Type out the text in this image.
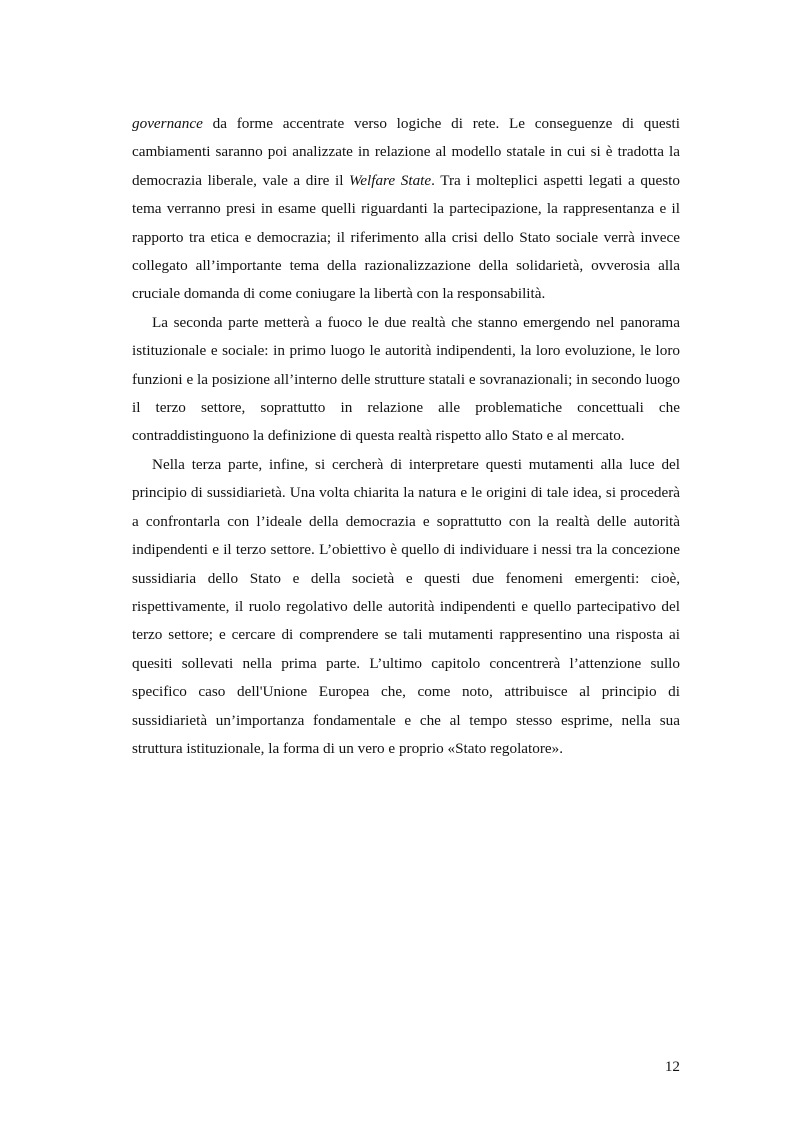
governance da forme accentrate verso logiche di rete. Le conseguenze di questi cambiamenti saranno poi analizzate in relazione al modello statale in cui si è tradotta la democrazia liberale, vale a dire il Welfare State. Tra i molteplici aspetti legati a questo tema verranno presi in esame quelli riguardanti la partecipazione, la rappresentanza e il rapporto tra etica e democrazia; il riferimento alla crisi dello Stato sociale verrà invece collegato all’importante tema della razionalizzazione della solidarietà, ovverosia alla cruciale domanda di come coniugare la libertà con la responsabilità.

La seconda parte metterà a fuoco le due realtà che stanno emergendo nel panorama istituzionale e sociale: in primo luogo le autorità indipendenti, la loro evoluzione, le loro funzioni e la posizione all’interno delle strutture statali e sovranazionali; in secondo luogo il terzo settore, soprattutto in relazione alle problematiche concettuali che contraddistinguono la definizione di questa realtà rispetto allo Stato e al mercato.

Nella terza parte, infine, si cercherà di interpretare questi mutamenti alla luce del principio di sussidiarietà. Una volta chiarita la natura e le origini di tale idea, si procederà a confrontarla con l’ideale della democrazia e soprattutto con la realtà delle autorità indipendenti e il terzo settore. L’obiettivo è quello di individuare i nessi tra la concezione sussidiaria dello Stato e della società e questi due fenomeni emergenti: cioè, rispettivamente, il ruolo regolativo delle autorità indipendenti e quello partecipativo del terzo settore; e cercare di comprendere se tali mutamenti rappresentino una risposta ai quesiti sollevati nella prima parte. L’ultimo capitolo concentrerà l’attenzione sullo specifico caso dell'Unione Europea che, come noto, attribuisce al principio di sussidiarietà un’importanza fondamentale e che al tempo stesso esprime, nella sua struttura istituzionale, la forma di un vero e proprio «Stato regolatore».

12
